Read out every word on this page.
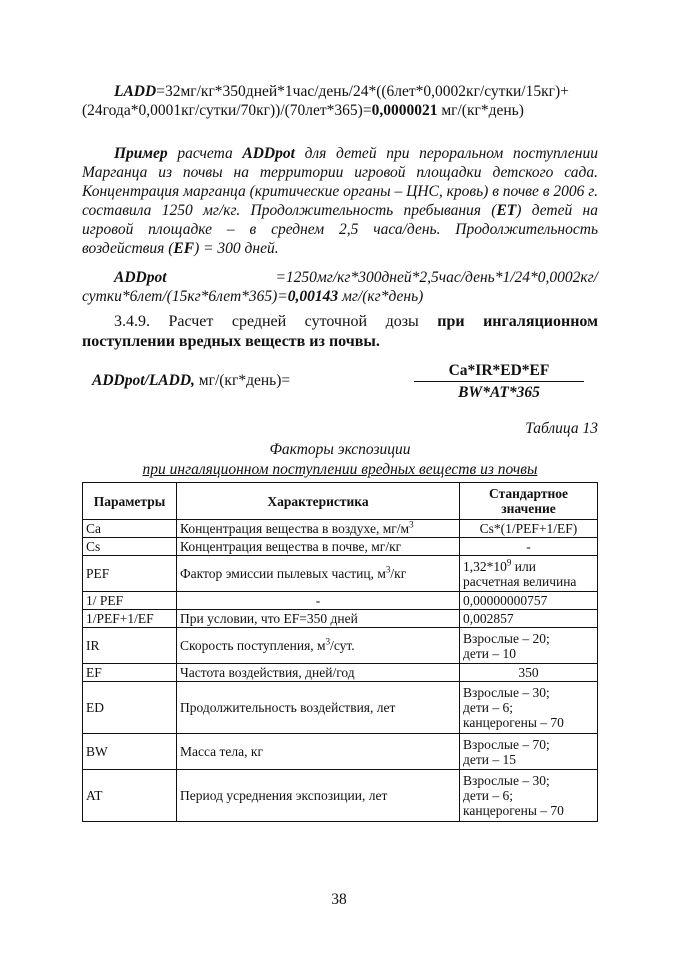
LADD=32мг/кг*350дней*1час/день/24*((6лет*0,0002кг/сутки/15кг)+(24года*0,0001кг/сутки/70кг))/(70лет*365)=0,0000021 мг/(кг*день)
Пример расчета ADDpot для детей при пероральном поступлении Марганца из почвы на территории игровой площадки детского сада. Концентрация марганца (критические органы – ЦНС, кровь) в почве в 2006 г. составила 1250 мг/кг. Продолжительность пребывания (ET) детей на игровой площадке – в среднем 2,5 часа/день. Продолжительность воздействия (EF) = 300 дней.
ADDpot =1250мг/кг*300дней*2,5час/день*1/24*0,0002кг/сутки*6лет/(15кг*6лет*365)=0,00143 мг/(кг*день)
3.4.9. Расчет средней суточной дозы при ингаляционном поступлении вредных веществ из почвы.
ADDpot/LADD, мг/(кг*день)=	$\frac{Ca*IR*ED*EF}{BW*AT*365}$
Таблица 13
Факторы экспозиции
при ингаляционном поступлении вредных веществ из почвы
Параметры	Характеристика	Стандартное значение
Ca	Концентрация вещества в воздухе, $мг/м^3$	Cs*(1/PEF+1/EF)
Cs	Концентрация вещества в почве, мг/кг	-
PEF	Фактор эмиссии пылевых частиц, $м^3/кг$	$1,32*10^9$ или расчетная величина
1/ PEF	-	0,00000000757
1/PEF+1/EF	При условии, что EF=350 дней	0,002857
IR	Скорость поступления, $м^3$/сут.	Взрослые – 20;
дети – 10

EF	Частота воздействия, дней/год	350
ED	Продолжительность воздействия, лет	Взрослые – 30;
дети – 6;
канцерогены – 70

BW	Масса тела, кг	Взрослые – 70;
дети – 15

AT	Период усреднения экспозиции, лет	Взрослые – 30;
дети – 6;
канцерогены – 70
38
